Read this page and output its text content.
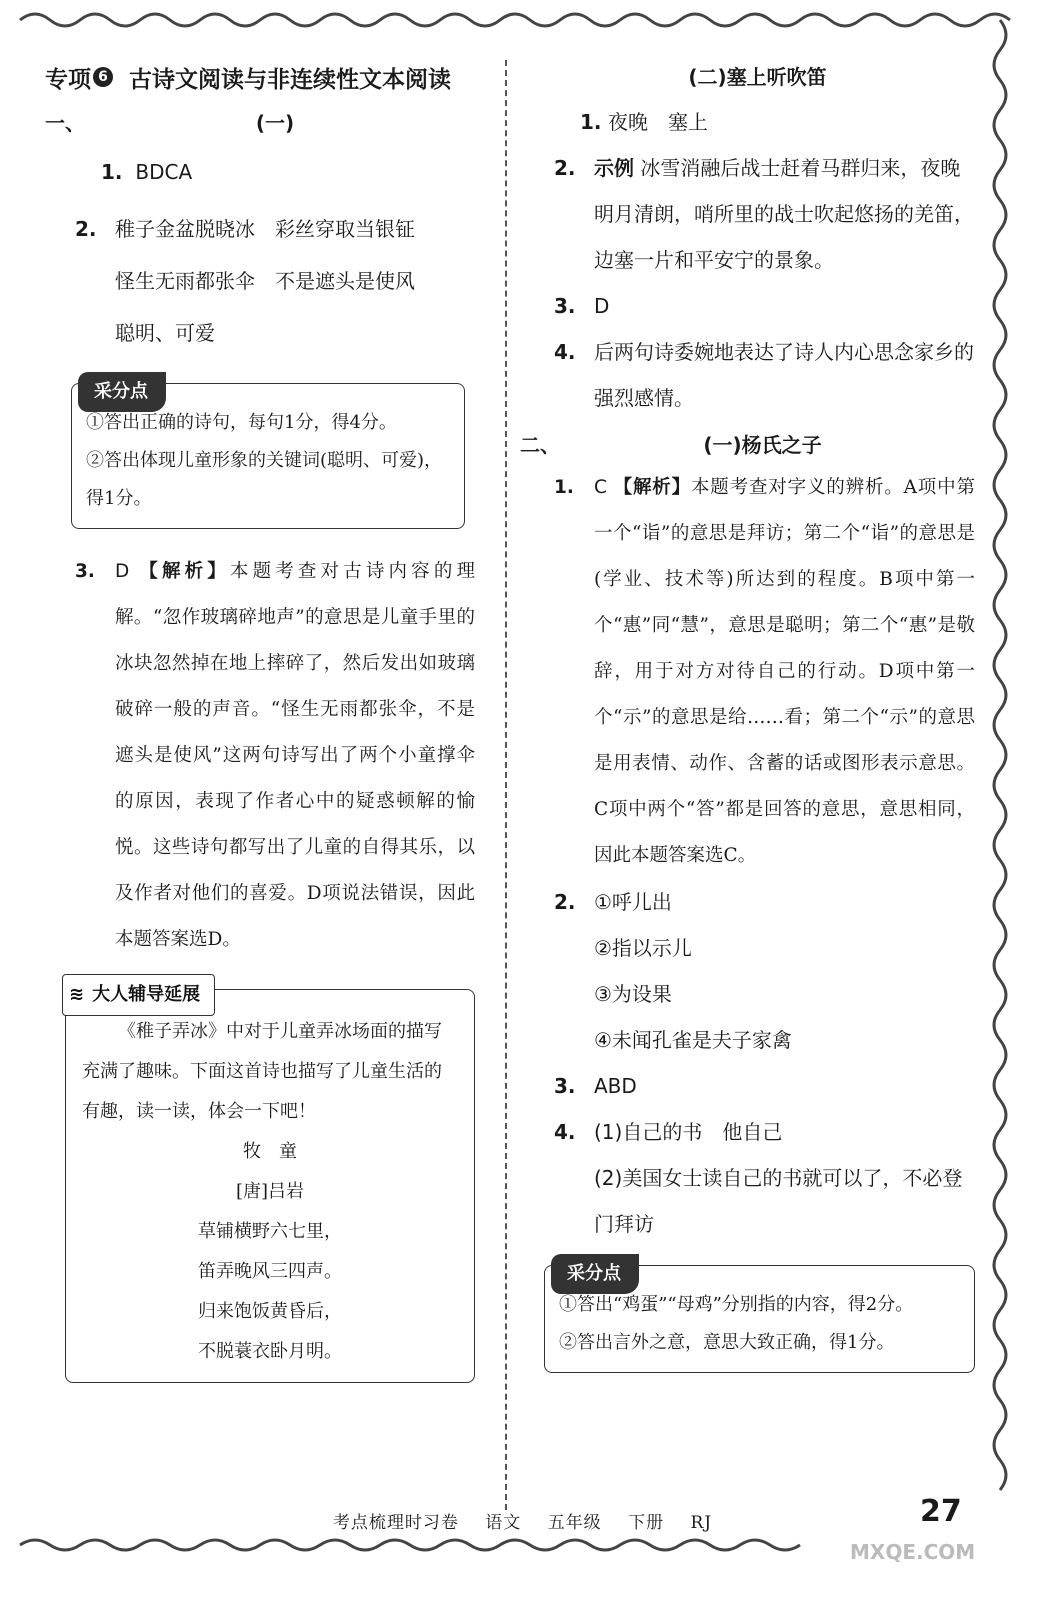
专项 6 古诗文阅读与非连续性文本阅读
一、	(一)
1. BDCA
2. 稚子金盆脱晓冰　彩丝穿取当银钲
怪生无雨都张伞　不是遮头是使风
聪明、可爱
采分点
①答出正确的诗句，每句1分，得4分。
②答出体现儿童形象的关键词(聪明、可爱)，得1分。
3.	D 【解析】本题考查对古诗内容的理解。“忽作玻璃碎地声”的意思是儿童手里的冰块忽然掉在地上摔碎了，然后发出如玻璃破碎一般的声音。“怪生无雨都张伞，不是遮头是使风”这两句诗写出了两个小童撑伞的原因，表现了作者心中的疑惑顿解的愉悦。这些诗句都写出了儿童的自得其乐，以及作者对他们的喜爱。D项说法错误，因此本题答案选D。
≋ 大人辅导延展
《稚子弄冰》中对于儿童弄冰场面的描写充满了趣味。下面这首诗也描写了儿童生活的有趣，读一读，体会一下吧！
牧　童
[唐]吕岩
草铺横野六七里，
笛弄晚风三四声。
归来饱饭黄昏后，
不脱蓑衣卧月明。
(二)塞上听吹笛
1. 夜晚　塞上
2. 示例 冰雪消融后战士赶着马群归来，夜晚明月清朗，哨所里的战士吹起悠扬的羌笛，边塞一片和平安宁的景象。
3. D
4. 后两句诗委婉地表达了诗人内心思念家乡的强烈感情。
二、	(一)杨氏之子
1.	C 【解析】本题考查对字义的辨析。A项中第一个“诣”的意思是拜访；第二个“诣”的意思是(学业、技术等)所达到的程度。B项中第一个“惠”同“慧”，意思是聪明；第二个“惠”是敬辞，用于对方对待自己的行动。D项中第一个“示”的意思是给……看；第二个“示”的意思是用表情、动作、含蓄的话或图形表示意思。C项中两个“答”都是回答的意思，意思相同，因此本题答案选C。
2. ①呼儿出
②指以示儿
③为设果
④未闻孔雀是夫子家禽
3. ABD
4. (1)自己的书　他自己
(2)美国女士读自己的书就可以了，不必登门拜访
采分点
①答出“鸡蛋”“母鸡”分别指的内容，得2分。
②答出言外之意，意思大致正确，得1分。
考点梳理时习卷 语文 五年级 下册 RJ	27
MXQE.COM
